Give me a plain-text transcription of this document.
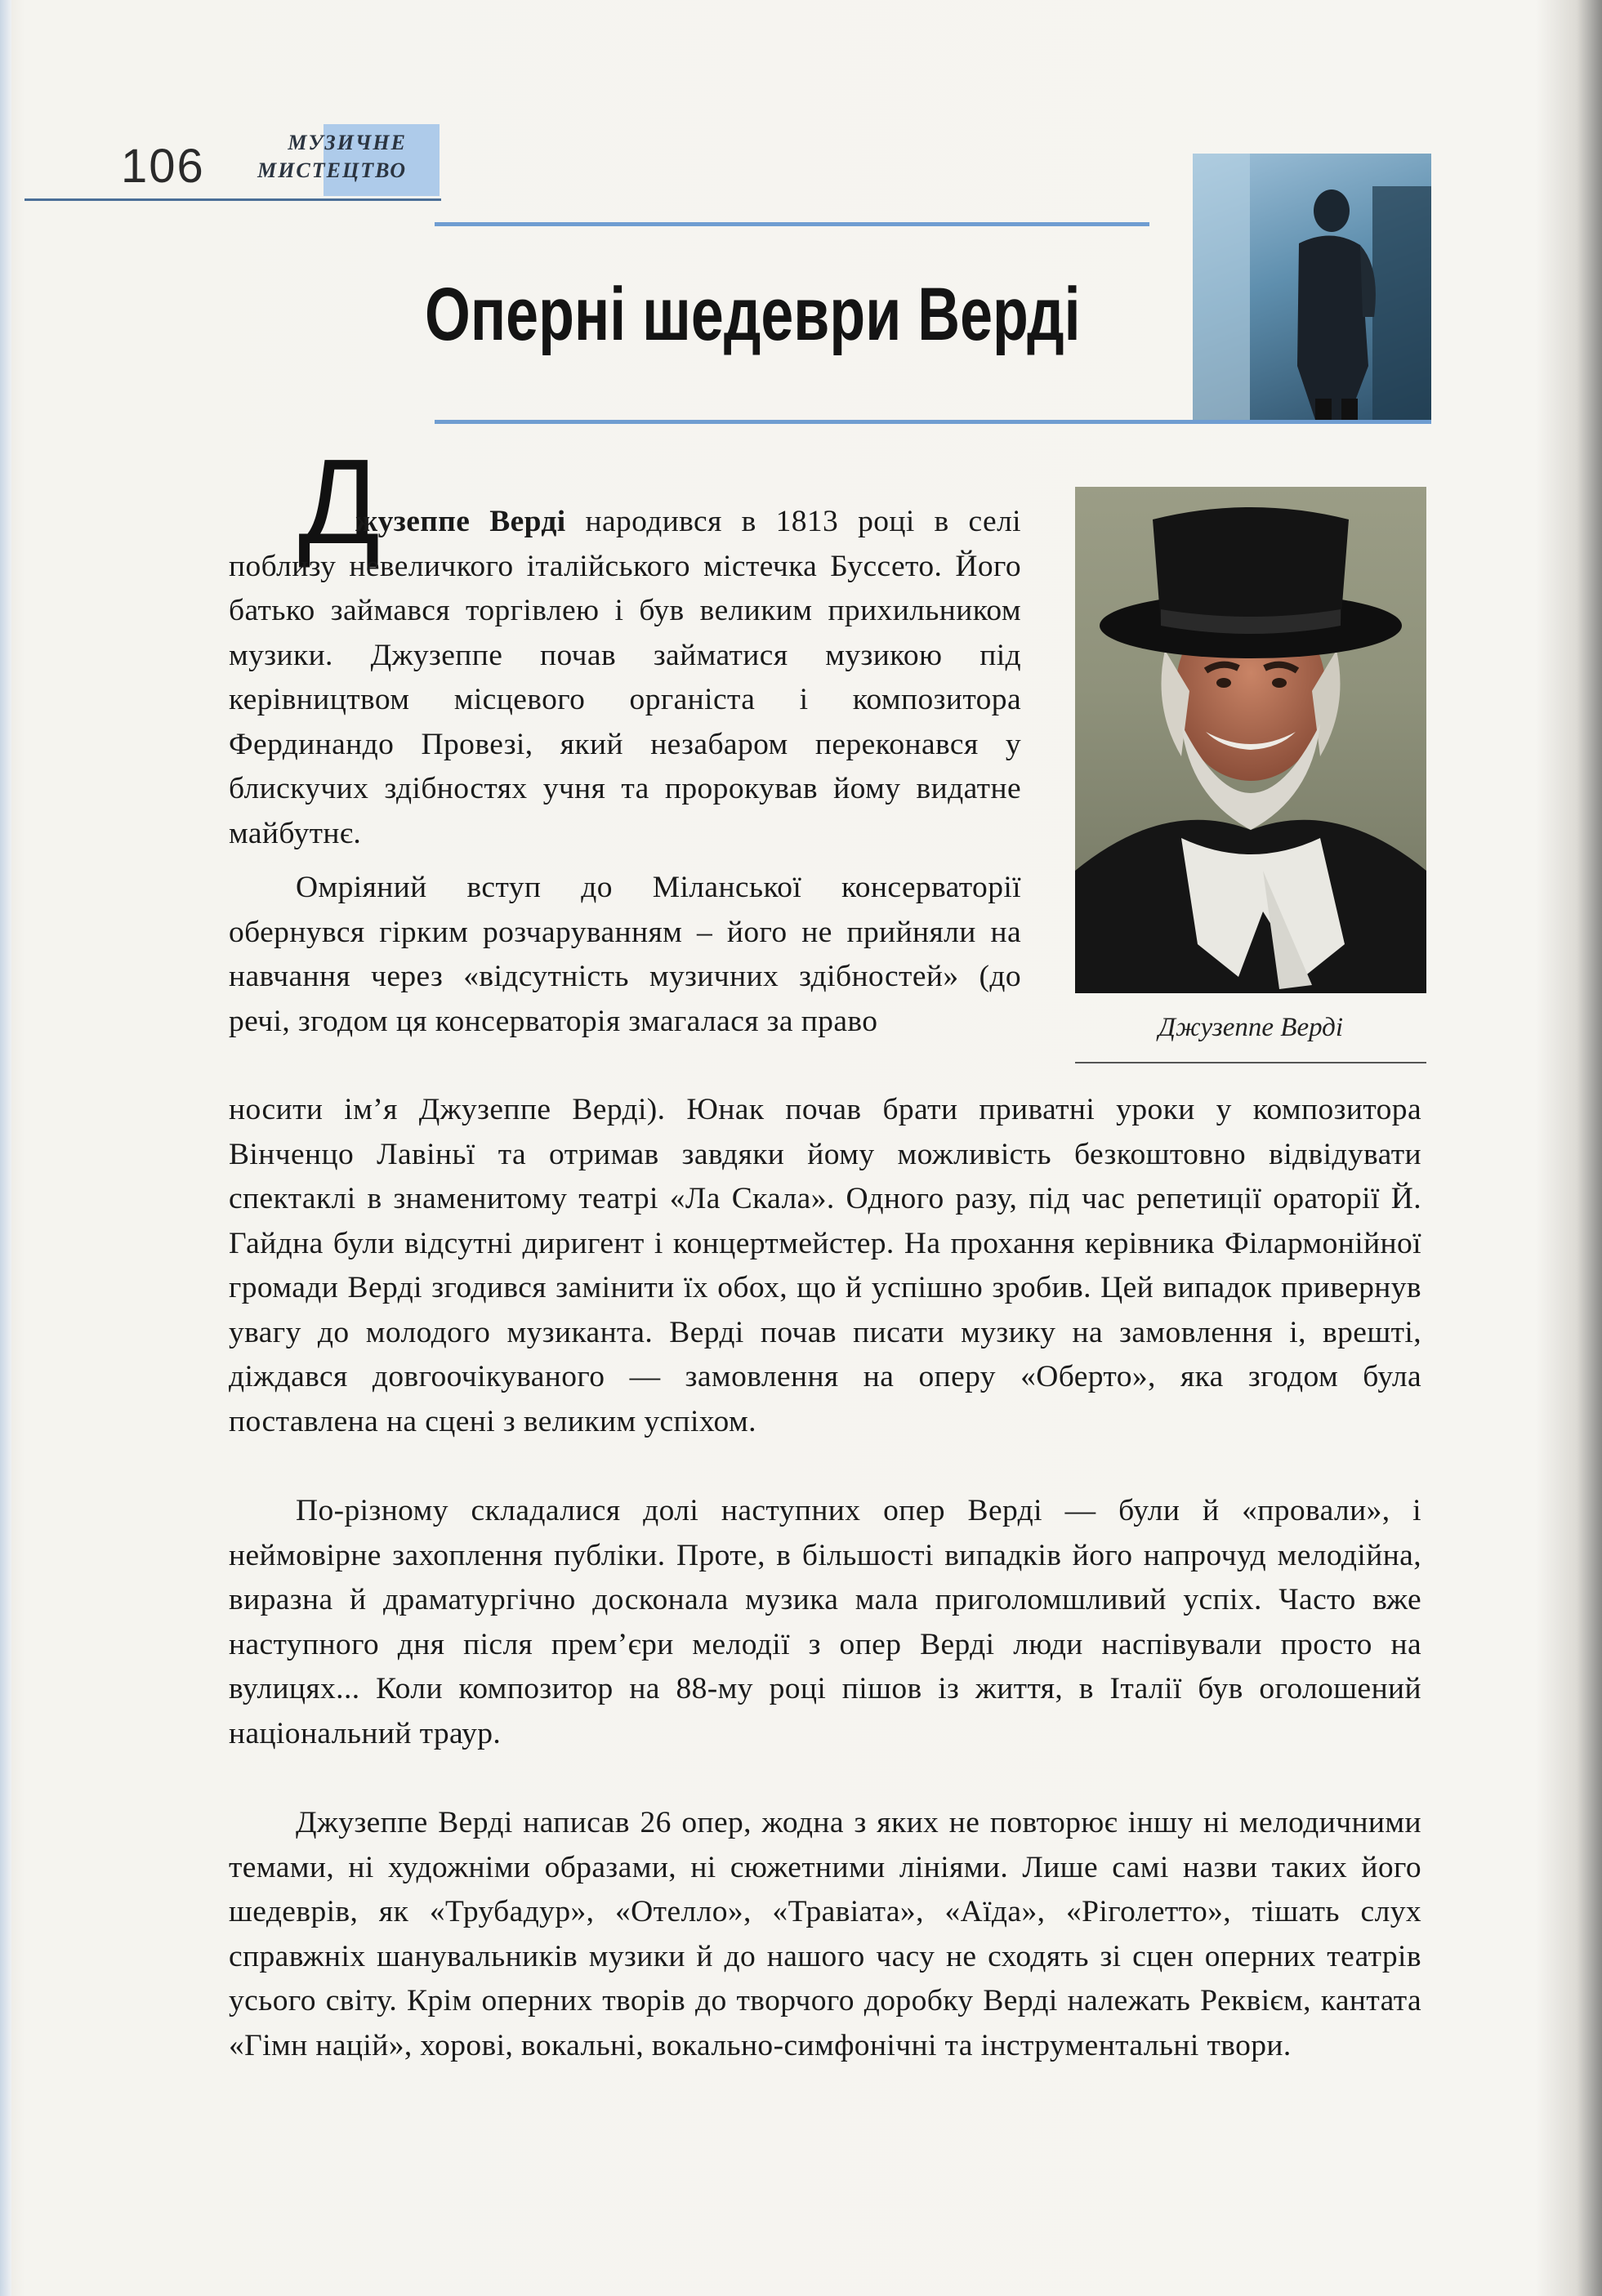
106	МУЗИЧНЕ
МИСТЕЦТВО
Оперні шедеври Верді
Джузеппе Верді
Д

жузеппе Верді народився в 1813 році в селі поблизу невеличкого італійського містечка Буссето. Його батько займався торгівлею і був великим прихильником музики. Джузеппе почав займатися музикою під керівництвом місцевого органіста і композитора Фердинандо Провезі, який незабаром переконався у блискучих здібностях учня та пророкував йому видатне майбутнє.

Омріяний вступ до Міланської консерваторії обернувся гірким розчаруванням – його не прийняли на навчання через «відсутність музичних здібностей» (до речі, згодом ця консерваторія змагалася за право

носити ім’я Джузеппе Верді). Юнак почав брати приватні уроки у композитора Вінченцо Лавіньї та отримав завдяки йому можливість безкоштовно відвідувати спектаклі в знаменитому театрі «Ла Скала». Одного разу, під час репетиції ораторії Й. Гайдна були відсутні диригент і концертмейстер. На прохання керівника Філармонійної громади Верді згодився замінити їх обох, що й успішно зробив. Цей випадок привернув увагу до молодого музиканта. Верді почав писати музику на замовлення і, врешті, діждався довгоочікуваного — замовлення на оперу «Оберто», яка згодом була поставлена на сцені з великим успіхом.

По-різному складалися долі наступних опер Верді — були й «провали», і неймовірне захоплення публіки. Проте, в більшості випадків його напрочуд мелодійна, виразна й драматургічно досконала музика мала приголомшливий успіх. Часто вже наступного дня після прем’єри мелодії з опер Верді люди наспівували просто на вулицях... Коли композитор на 88-му році пішов із життя, в Італії був оголошений національний траур.

Джузеппе Верді написав 26 опер, жодна з яких не повторює іншу ні мелодичними темами, ні художніми образами, ні сюжетними лініями. Лише самі назви таких його шедеврів, як «Трубадур», «Отелло», «Травіата», «Аїда», «Ріголетто», тішать слух справжніх шанувальників музики й до нашого часу не сходять зі сцен оперних театрів усього світу. Крім оперних творів до творчого доробку Верді належать Реквієм, кантата «Гімн націй», хорові, вокальні, вокально-симфонічні та інструментальні твори.
